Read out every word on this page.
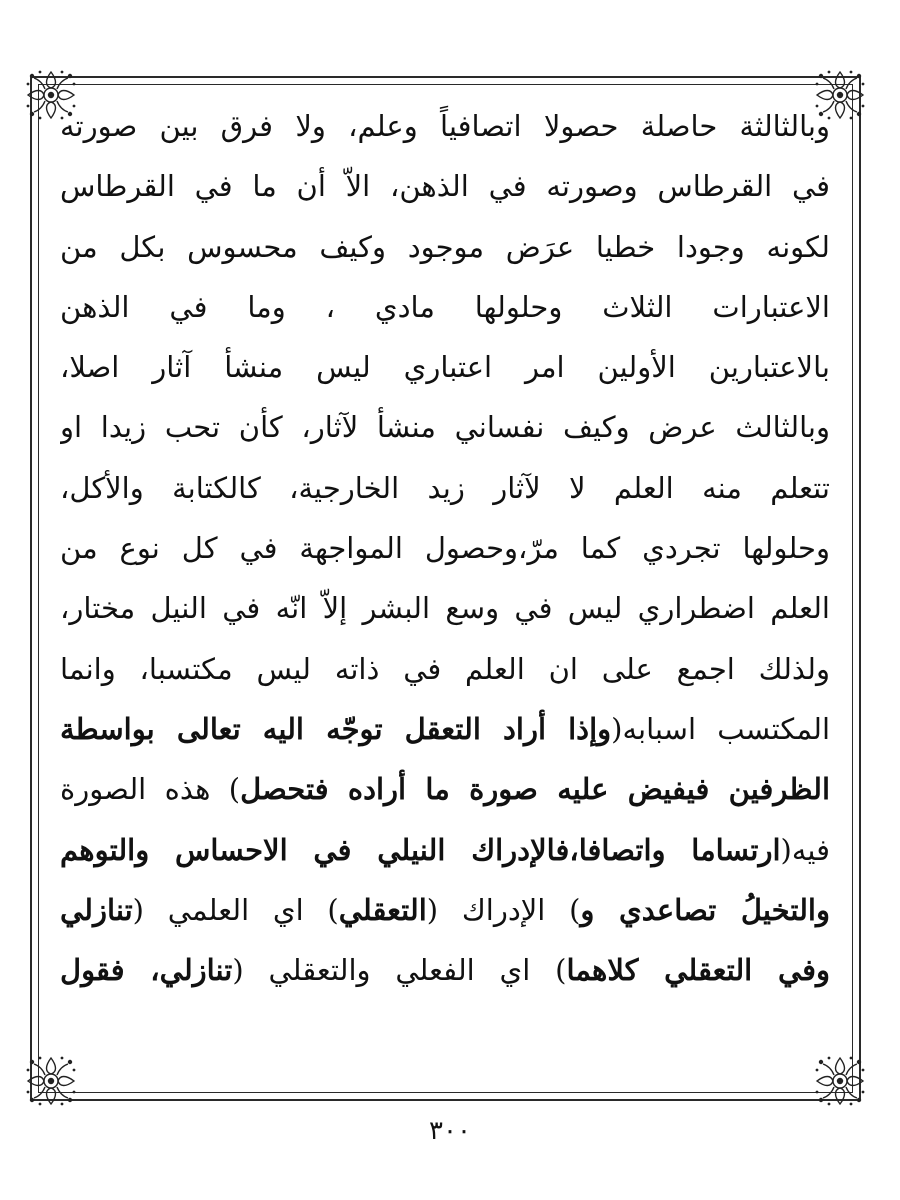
وبالثالثة حاصلة حصولا اتصافياً وعلم، ولا فرق بين صورته
في القرطاس وصورته في الذهن، الاّ أن ما في القرطاس
لكونه وجودا خطيا عرَض موجود وكيف محسوس بكل من
الاعتبارات الثلاث وحلولها مادي ، وما في الذهن
بالاعتبارين الأولين امر اعتباري ليس منشأ آثار اصلا،
وبالثالث عرض وكيف نفساني منشأ لآثار، كأن تحب زيدا او
تتعلم منه العلم لا لآثار زيد الخارجية، كالكتابة والأكل،
وحلولها تجردي كما مرّ،وحصول المواجهة في كل نوع من
العلم اضطراري ليس في وسع البشر إلاّ انّه في النيل مختار،
ولذلك اجمع على ان العلم في ذاته ليس مكتسبا، وانما
المكتسب اسبابه(وإذا أراد التعقل توجّه اليه تعالى بواسطة
الظرفين فيفيض عليه صورة ما أراده فتحصل) هذه الصورة
فيه(ارتساما واتصافا،فالإدراك النيلي في الاحساس والتوهم
والتخيلُ تصاعدي و) الإدراك (التعقلي) اي العلمي (تنازلي
وفي التعقلي كلاهما) اي الفعلي والتعقلي (تنازلي، فقول
٣٠٠
